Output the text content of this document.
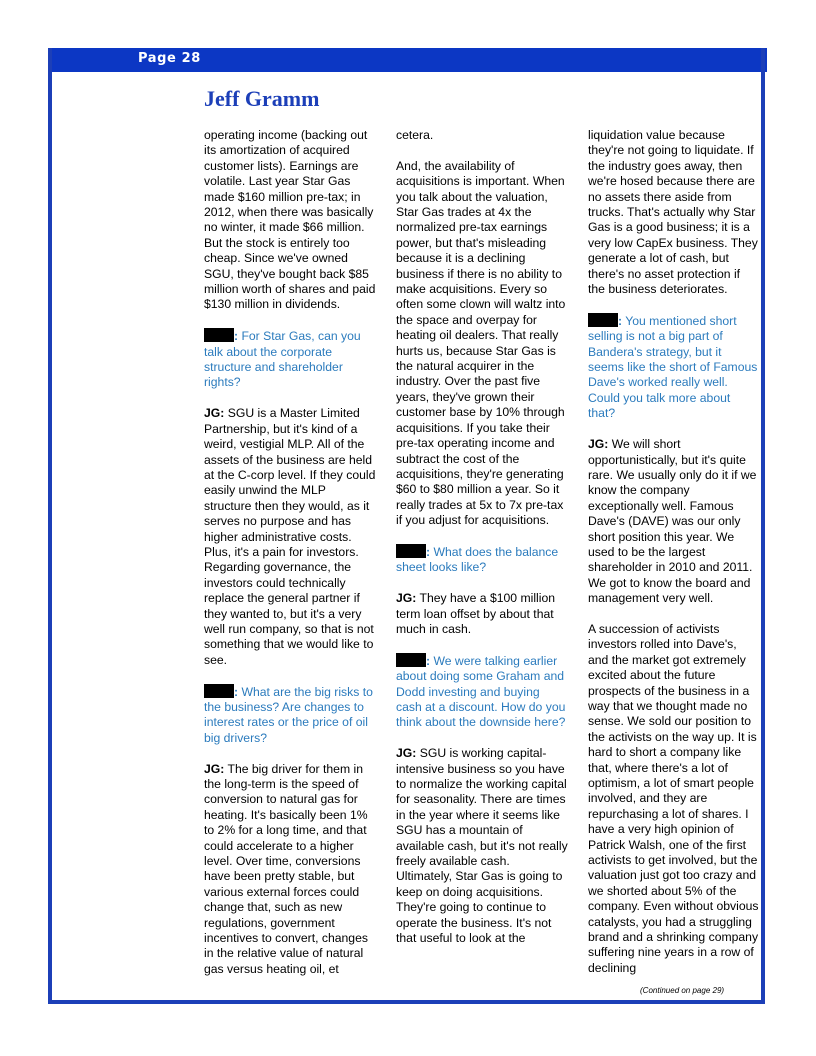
Page 28
Jeff Gramm

operating income (backing out its amortization of acquired customer lists). Earnings are volatile. Last year Star Gas made $160 million pre-tax; in 2012, when there was basically no winter, it made $66 million. But the stock is entirely too cheap. Since we've owned SGU, they've bought back $85 million worth of shares and paid $130 million in dividends.

: For Star Gas, can you talk about the corporate structure and shareholder rights?

JG: SGU is a Master Limited Partnership, but it's kind of a weird, vestigial MLP. All of the assets of the business are held at the C-corp level. If they could easily unwind the MLP structure then they would, as it serves no purpose and has higher administrative costs. Plus, it's a pain for investors. Regarding governance, the investors could technically replace the general partner if they wanted to, but it's a very well run company, so that is not something that we would like to see.

: What are the big risks to the business? Are changes to interest rates or the price of oil big drivers?

JG: The big driver for them in the long-term is the speed of conversion to natural gas for heating. It's basically been 1% to 2% for a long time, and that could accelerate to a higher level. Over time, conversions have been pretty stable, but various external forces could change that, such as new regulations, government incentives to convert, changes in the relative value of natural gas versus heating oil, et

cetera.

And, the availability of acquisitions is important. When you talk about the valuation, Star Gas trades at 4x the normalized pre-tax earnings power, but that's misleading because it is a declining business if there is no ability to make acquisitions. Every so often some clown will waltz into the space and overpay for heating oil dealers. That really hurts us, because Star Gas is the natural acquirer in the industry. Over the past five years, they've grown their customer base by 10% through acquisitions. If you take their pre-tax operating income and subtract the cost of the acquisitions, they're generating $60 to $80 million a year. So it really trades at 5x to 7x pre-tax if you adjust for acquisitions.

: What does the balance sheet looks like?

JG: They have a $100 million term loan offset by about that much in cash.

: We were talking earlier about doing some Graham and Dodd investing and buying cash at a discount. How do you think about the downside here?

JG: SGU is working capital-intensive business so you have to normalize the working capital for seasonality. There are times in the year where it seems like SGU has a mountain of available cash, but it's not really freely available cash. Ultimately, Star Gas is going to keep on doing acquisitions. They're going to continue to operate the business. It's not that useful to look at the

liquidation value because they're not going to liquidate. If the industry goes away, then we're hosed because there are no assets there aside from trucks. That's actually why Star Gas is a good business; it is a very low CapEx business. They generate a lot of cash, but there's no asset protection if the business deteriorates.

: You mentioned short selling is not a big part of Bandera's strategy, but it seems like the short of Famous Dave's worked really well. Could you talk more about that?

JG: We will short opportunistically, but it's quite rare. We usually only do it if we know the company exceptionally well. Famous Dave's (DAVE) was our only short position this year. We used to be the largest shareholder in 2010 and 2011. We got to know the board and management very well.

A succession of activists investors rolled into Dave's, and the market got extremely excited about the future prospects of the business in a way that we thought made no sense. We sold our position to the activists on the way up. It is hard to short a company like that, where there's a lot of optimism, a lot of smart people involved, and they are repurchasing a lot of shares. I have a very high opinion of Patrick Walsh, one of the first activists to get involved, but the valuation just got too crazy and we shorted about 5% of the company. Even without obvious catalysts, you had a struggling brand and a shrinking company suffering nine years in a row of declining

(Continued on page 29)
